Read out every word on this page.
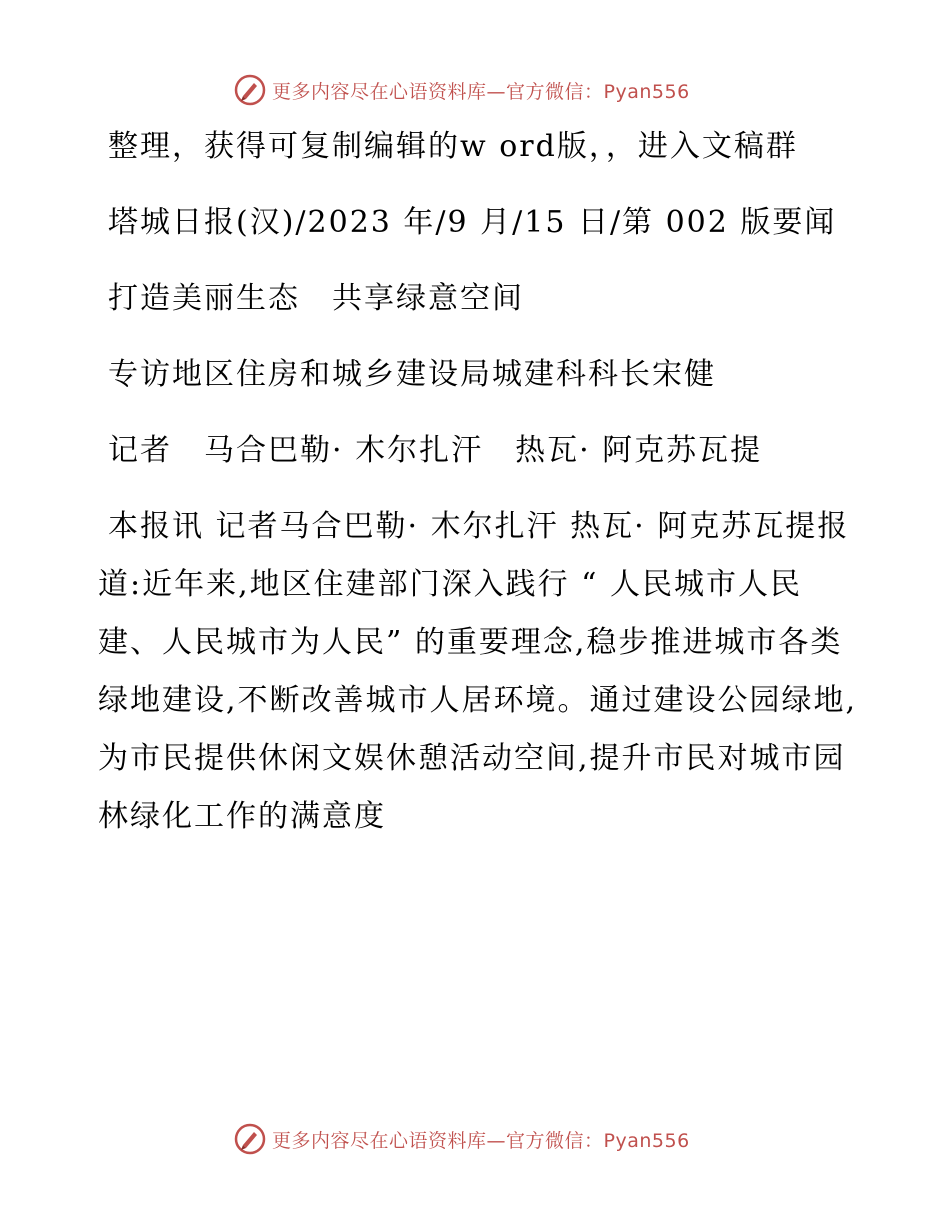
更多内容尽在心语资料库—官方微信：Pyan556

整理，获得可复制编辑的w ord版，，进入文稿群

塔城日报(汉)/2023 年/9 月/15 日/第 002 版要闻

打造美丽生态　共享绿意空间

专访地区住房和城乡建设局城建科科长宋健

记者　马合巴勒· 木尔扎汗　热瓦· 阿克苏瓦提

本报讯 记者马合巴勒· 木尔扎汗 热瓦· 阿克苏瓦提报道:近年来,地区住建部门深入践行 “ 人民城市人民建、人民城市为人民” 的重要理念,稳步推进城市各类绿地建设,不断改善城市人居环境。通过建设公园绿地,为市民提供休闲文娱休憩活动空间,提升市民对城市园林绿化工作的满意度

更多内容尽在心语资料库—官方微信：Pyan556
